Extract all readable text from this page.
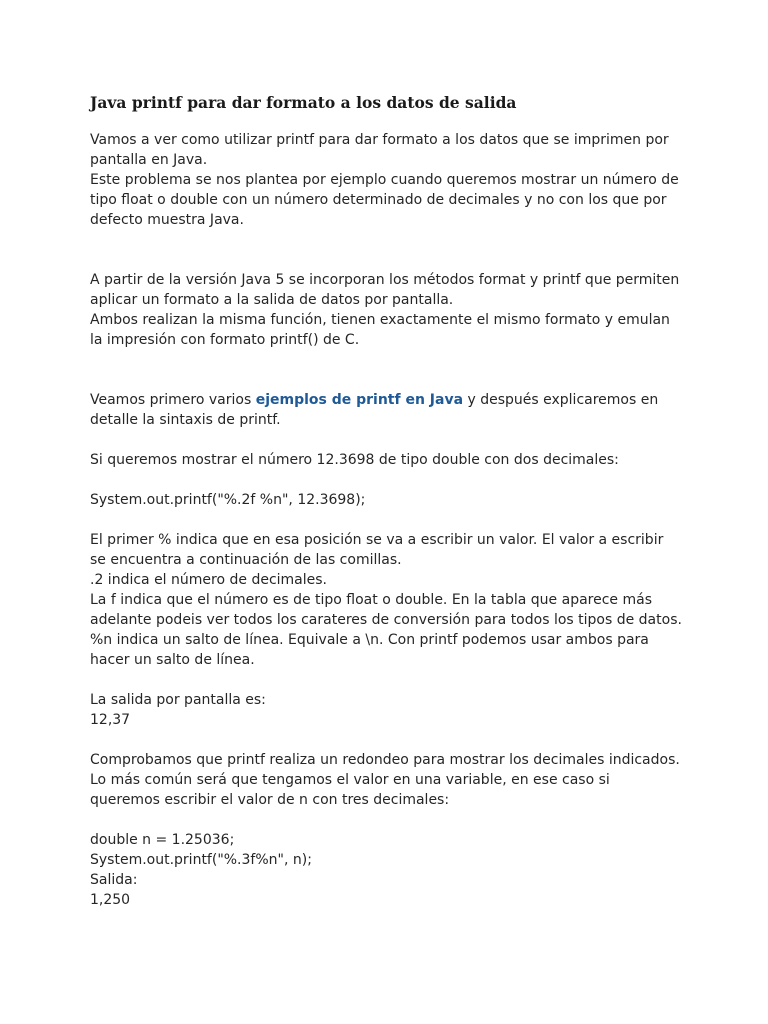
Java printf para dar formato a los datos de salida
Vamos a ver como utilizar printf para dar formato a los datos que se imprimen por
pantalla en Java.
Este problema se nos plantea por ejemplo cuando queremos mostrar un número de
tipo float o double con un número determinado de decimales y no con los que por
defecto muestra Java.
A partir de la versión Java 5 se incorporan los métodos format y printf que permiten
aplicar un formato a la salida de datos por pantalla.
Ambos realizan la misma función, tienen exactamente el mismo formato y emulan
la impresión con formato printf() de C.
Veamos primero varios ejemplos de printf en Java y después explicaremos en
detalle la sintaxis de printf.
Si queremos mostrar el número 12.3698 de tipo double con dos decimales:
System.out.printf("%.2f %n", 12.3698);
El primer % indica que en esa posición se va a escribir un valor. El valor a escribir
se encuentra a continuación de las comillas.
.2 indica el número de decimales.
La f indica que el número es de tipo float o double. En la tabla que aparece más
adelante podeis ver todos los carateres de conversión para todos los tipos de datos.
%n indica un salto de línea. Equivale a \n. Con printf podemos usar ambos para
hacer un salto de línea.
La salida por pantalla es:
12,37
Comprobamos que printf realiza un redondeo para mostrar los decimales indicados.
Lo más común será que tengamos el valor en una variable, en ese caso si
queremos escribir el valor de n con tres decimales:
double n = 1.25036;
System.out.printf("%.3f%n", n);
Salida:
1,250
